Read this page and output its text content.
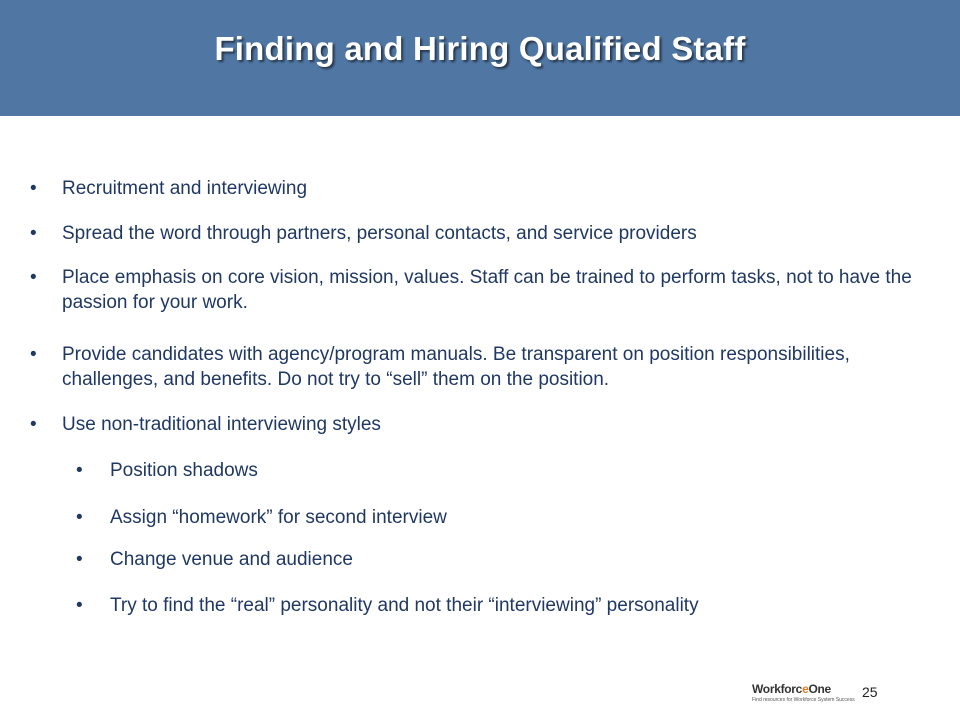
Finding and Hiring Qualified Staff
• Recruitment and interviewing
• Spread the word through partners, personal contacts, and service providers
• Place emphasis on core vision, mission, values. Staff can be trained to perform tasks, not to have the passion for your work.
• Provide candidates with agency/program manuals. Be transparent on position responsibilities, challenges, and benefits. Do not try to “sell” them on the position.
• Use non-traditional interviewing styles
• Position shadows
• Assign “homework” for second interview
• Change venue and audience
• Try to find the “real” personality and not their “interviewing” personality
WorkforceOne
Find resources for Workforce System Success 25
